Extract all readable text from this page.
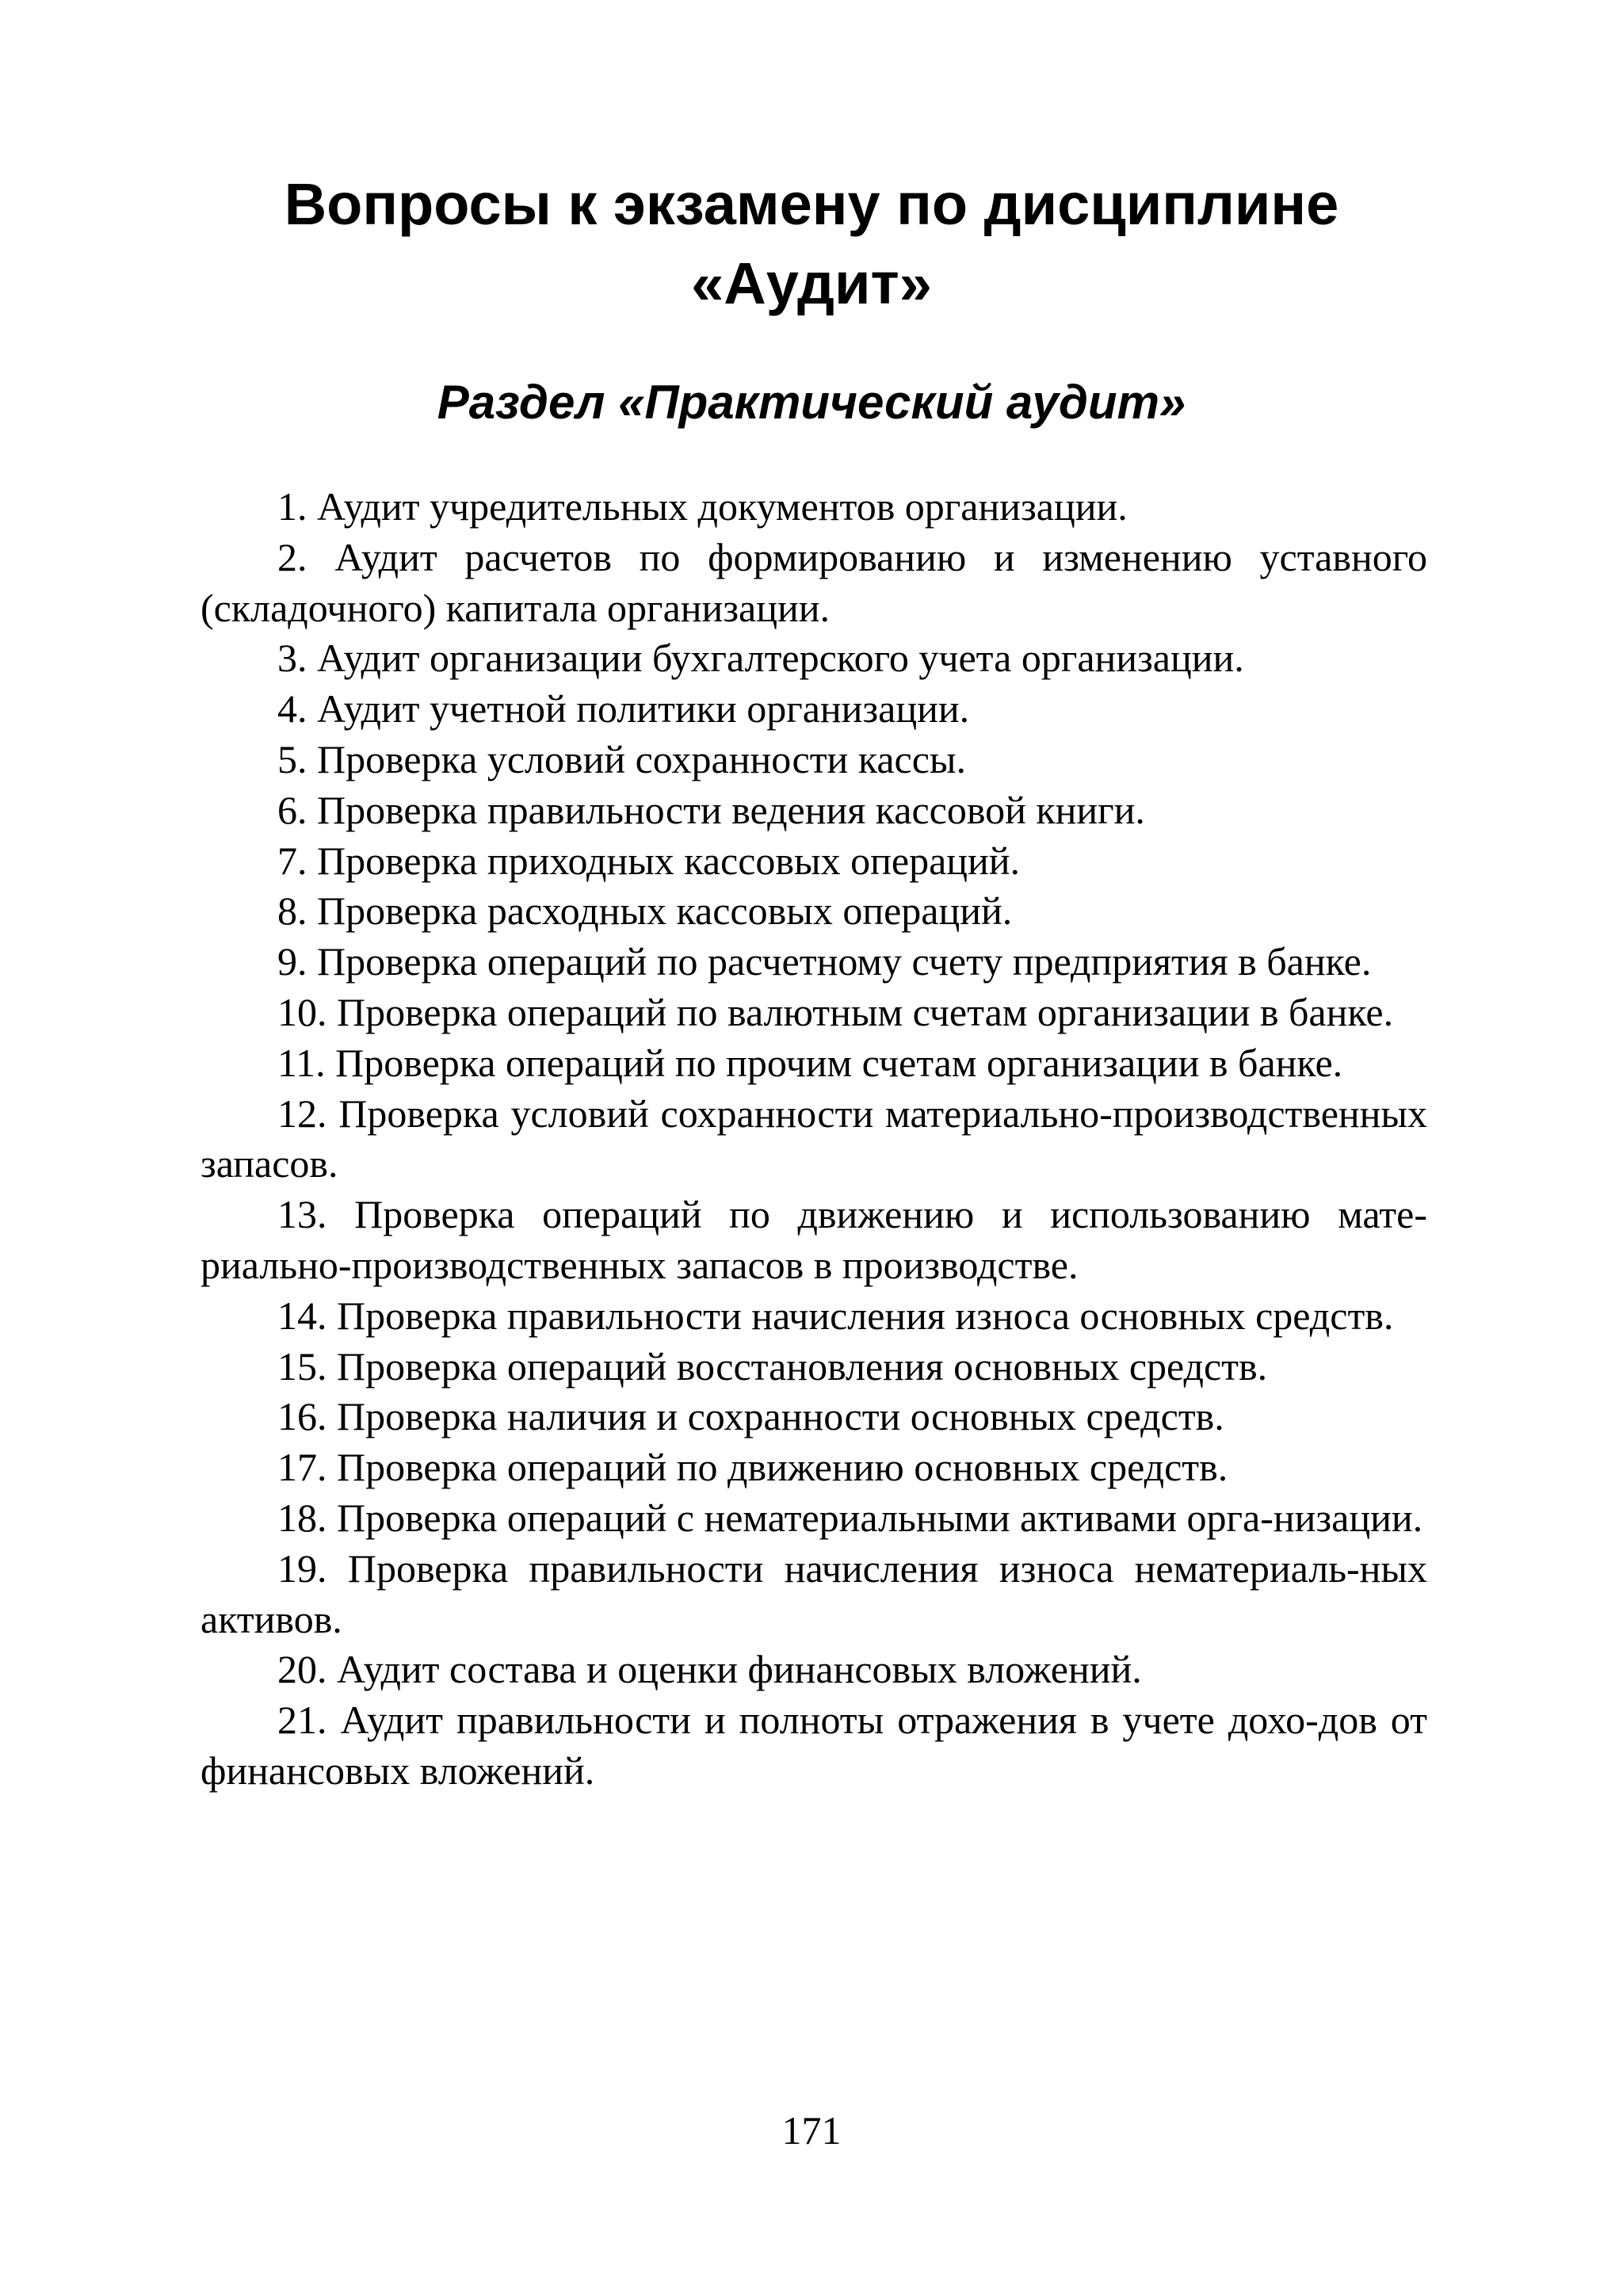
Вопросы к экзамену по дисциплине
«Аудит»
Раздел «Практический аудит»
1. Аудит учредительных документов организации.
2. Аудит расчетов по формированию и изменению уставного (складочного) капитала организации.
3. Аудит организации бухгалтерского учета организации.
4. Аудит учетной политики организации.
5. Проверка условий сохранности кассы.
6. Проверка правильности ведения кассовой книги.
7. Проверка приходных кассовых операций.
8. Проверка расходных кассовых операций.
9. Проверка операций по расчетному счету предприятия в банке.
10. Проверка операций по валютным счетам организации в банке.
11. Проверка операций по прочим счетам организации в банке.
12. Проверка условий сохранности материально-производственных запасов.
13. Проверка операций по движению и использованию мате-риально-производственных запасов в производстве.
14. Проверка правильности начисления износа основных средств.
15. Проверка операций восстановления основных средств.
16. Проверка наличия и сохранности основных средств.
17. Проверка операций по движению основных средств.
18. Проверка операций с нематериальными активами орга-низации.
19. Проверка правильности начисления износа нематериаль-ных активов.
20. Аудит состава и оценки финансовых вложений.
21. Аудит правильности и полноты отражения в учете дохо-дов от финансовых вложений.
171
